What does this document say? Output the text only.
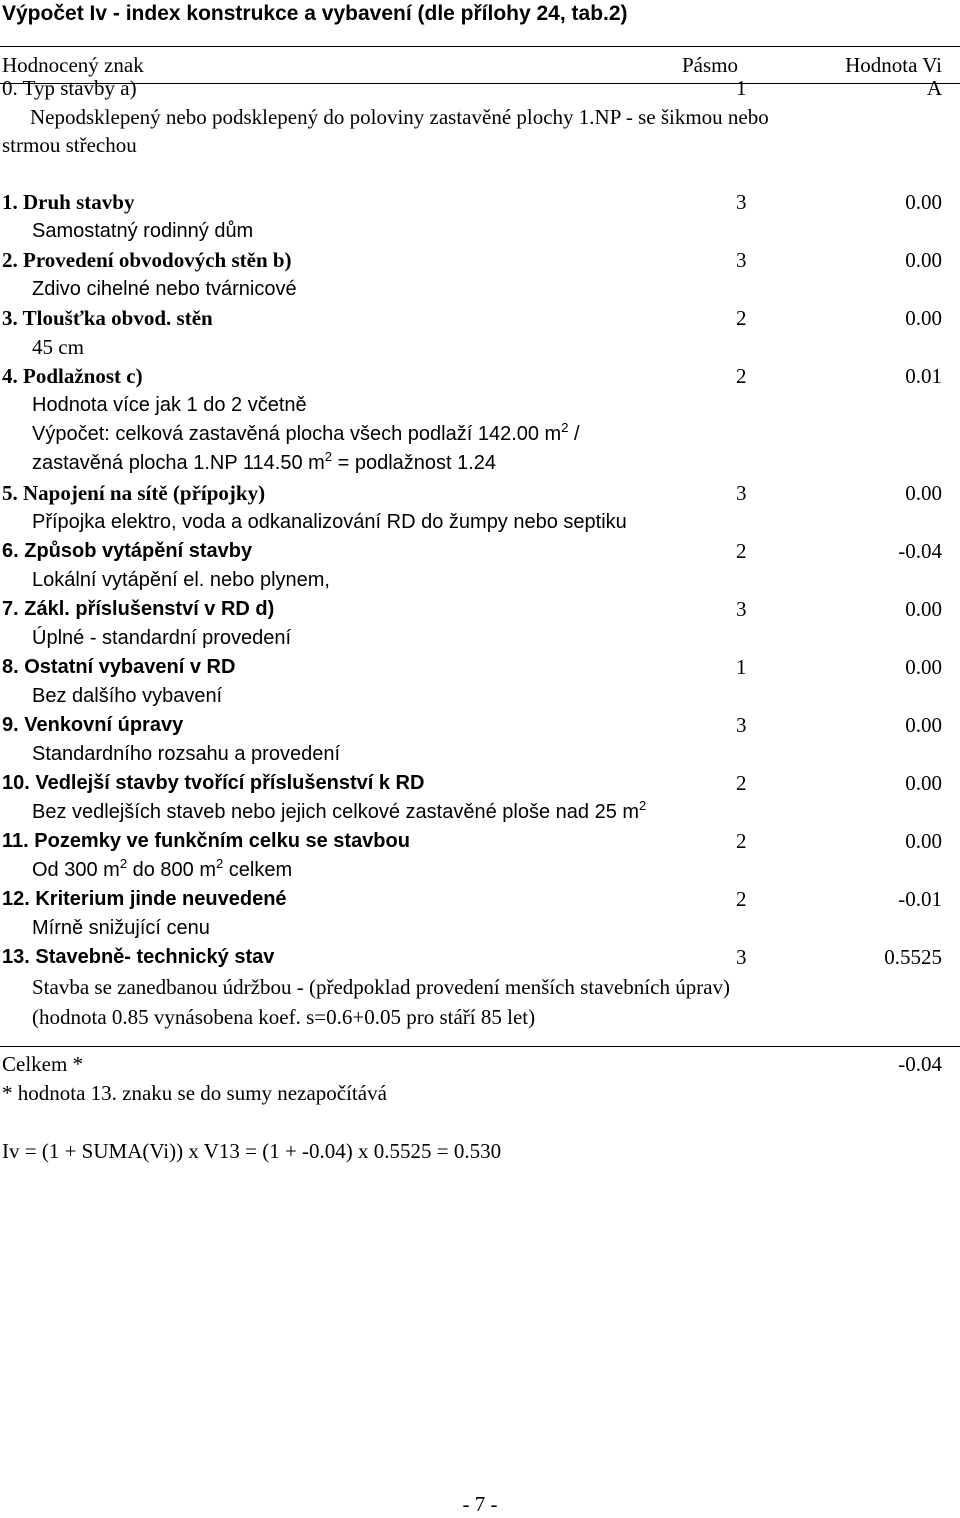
Výpočet Iv - index konstrukce a vybavení (dle přílohy 24, tab.2)
Hodnocený znak	Pásmo	Hodnota Vi
0. Typ stavby a)	1	A
Nepodsklepený nebo podsklepený do poloviny zastavěné plochy 1.NP - se šikmou nebo
strmou střechou
1. Druh stavby	3	0.00
Samostatný rodinný dům
2. Provedení obvodových stěn b)	3	0.00
Zdivo cihelné nebo tvárnicové
3. Tloušťka obvod. stěn	2	0.00
45 cm
4. Podlažnost c)	2	0.01
Hodnota více jak 1 do 2 včetně
Výpočet: celková zastavěná plocha všech podlaží 142.00 $m^2$ /
zastavěná plocha 1.NP 114.50 $m^2$ = podlažnost 1.24
5. Napojení na sítě (přípojky)	3	0.00
Přípojka elektro, voda a odkanalizování RD do žumpy nebo septiku
6. Způsob vytápění stavby	2	-0.04
Lokální vytápění el. nebo plynem,
7. Zákl. příslušenství v RD d)	3	0.00
Úplné - standardní provedení
8. Ostatní vybavení v RD	1	0.00
Bez dalšího vybavení
9. Venkovní úpravy	3	0.00
Standardního rozsahu a provedení
10. Vedlejší stavby tvořící příslušenství k RD	2	0.00
Bez vedlejších staveb nebo jejich celkové zastavěné ploše nad 25 $m^2$
11. Pozemky ve funkčním celku se stavbou	2	0.00
Od 300 $m^2$ do 800 $m^2$ celkem
12. Kriterium jinde neuvedené	2	-0.01
Mírně snižující cenu
13. Stavebně- technický stav	3	0.5525
Stavba se zanedbanou údržbou - (předpoklad provedení menších stavebních úprav)
(hodnota 0.85 vynásobena koef. s=0.6+0.05 pro stáří 85 let)
Celkem *	-0.04
* hodnota 13. znaku se do sumy nezapočítává
Iv = (1 + SUMA(Vi)) x V13 = (1 + -0.04) x 0.5525 = 0.530
- 7 -
